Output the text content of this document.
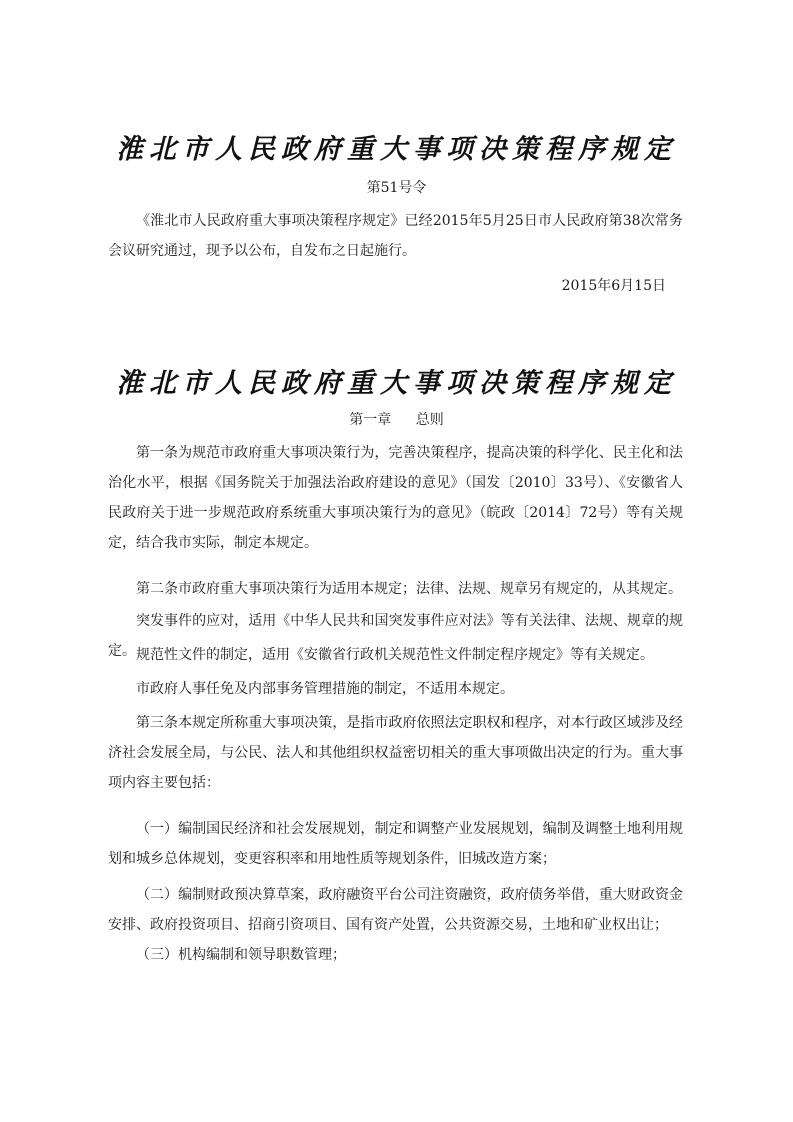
淮北市人民政府重大事项决策程序规定
第51号令

《淮北市人民政府重大事项决策程序规定》已经2015年5月25日市人民政府第38次常务会议研究通过，现予以公布，自发布之日起施行。

2015年6月15日
淮北市人民政府重大事项决策程序规定
第一章 总则

第一条为规范市政府重大事项决策行为，完善决策程序，提高决策的科学化、民主化和法治化水平，根据《国务院关于加强法治政府建设的意见》（国发〔2010〕33号）、《安徽省人民政府关于进一步规范政府系统重大事项决策行为的意见》（皖政〔2014〕72号）等有关规定，结合我市实际，制定本规定。

第二条市政府重大事项决策行为适用本规定；法律、法规、规章另有规定的，从其规定。

突发事件的应对，适用《中华人民共和国突发事件应对法》等有关法律、法规、规章的规定。 规范性文件的制定，适用《安徽省行政机关规范性文件制定程序规定》等有关规定。

市政府人事任免及内部事务管理措施的制定，不适用本规定。

第三条本规定所称重大事项决策，是指市政府依照法定职权和程序，对本行政区域涉及经济社会发展全局，与公民、法人和其他组织权益密切相关的重大事项做出决定的行为。重大事项内容主要包括：

（一）编制国民经济和社会发展规划，制定和调整产业发展规划，编制及调整土地利用规划和城乡总体规划，变更容积率和用地性质等规划条件，旧城改造方案；

（二）编制财政预决算草案，政府融资平台公司注资融资，政府债务举借，重大财政资金安排、政府投资项目、招商引资项目、国有资产处置，公共资源交易，土地和矿业权出让；

（三）机构编制和领导职数管理；
